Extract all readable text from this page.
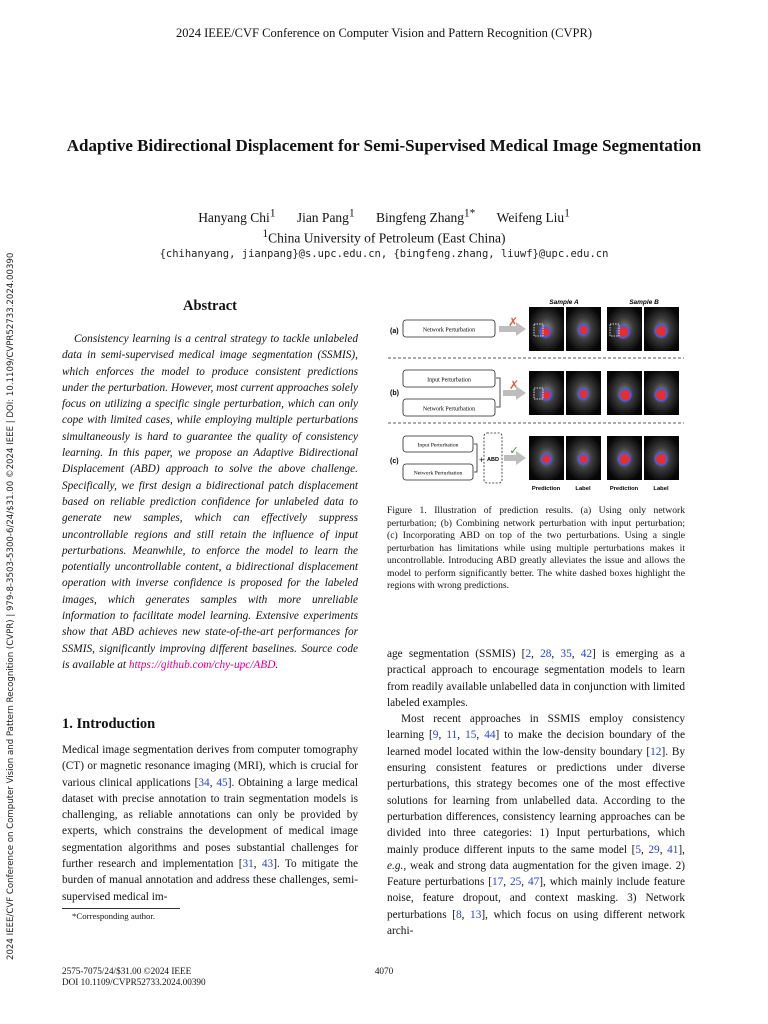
2024 IEEE/CVF Conference on Computer Vision and Pattern Recognition (CVPR)
Adaptive Bidirectional Displacement for Semi-Supervised Medical Image Segmentation
Hanyang Chi$^1$ Jian Pang$^1$ Bingfeng Zhang$^{1*}$ Weifeng Liu$^1$
$^1$China University of Petroleum (East China)
{chihanyang, jianpang}@s.upc.edu.cn, {bingfeng.zhang, liuwf}@upc.edu.cn
2024 IEEE/CVF Conference on Computer Vision and Pattern Recognition (CVPR) | 979-8-3503-5300-6/24/$31.00 ©2024 IEEE | DOI: 10.1109/CVPR52733.2024.00390	Abstract
Consistency learning is a central strategy to tackle unlabeled data in semi-supervised medical image segmentation (SSMIS), which enforces the model to produce consistent predictions under the perturbation. However, most current approaches solely focus on utilizing a specific single perturbation, which can only cope with limited cases, while employing multiple perturbations simultaneously is hard to guarantee the quality of consistency learning. In this paper, we propose an Adaptive Bidirectional Displacement (ABD) approach to solve the above challenge. Specifically, we first design a bidirectional patch displacement based on reliable prediction confidence for unlabeled data to generate new samples, which can effectively suppress uncontrollable regions and still retain the influence of input perturbations. Meanwhile, to enforce the model to learn the potentially uncontrollable content, a bidirectional displacement operation with inverse confidence is proposed for the labeled images, which generates samples with more unreliable information to facilitate model learning. Extensive experiments show that ABD achieves new state-of-the-art performances for SSMIS, significantly improving different baselines. Source code is available at https://github.com/chy-upc/ABD.
1. Introduction
Medical image segmentation derives from computer tomography (CT) or magnetic resonance imaging (MRI), which is crucial for various clinical applications [34, 45]. Obtaining a large medical dataset with precise annotation to train segmentation models is challenging, as reliable annotations can only be provided by experts, which constrains the development of medical image segmentation algorithms and poses substantial challenges for further research and implementation [31, 43]. To mitigate the burden of manual annotation and address these challenges, semi-supervised medical im-
*Corresponding author.
2575-7075/24/$31.00 ©2024 IEEE
DOI 10.1109/CVPR52733.2024.00390
4070
Sample A	Sample B
(a)	Network Perturbation
✗
(b)
Input Perturbation
Network Perturbation
✗
(c)
Input Perturbation
Network Perturbation
+ ABD
✓
Prediction	Label	Prediction	Label
Figure 1. Illustration of prediction results. (a) Using only network perturbation; (b) Combining network perturbation with input perturbation; (c) Incorporating ABD on top of the two perturbations. Using a single perturbation has limitations while using multiple perturbations makes it uncontrollable. Introducing ABD greatly alleviates the issue and allows the model to perform significantly better. The white dashed boxes highlight the regions with wrong predictions.

age segmentation (SSMIS) [2, 28, 35, 42] is emerging as a practical approach to encourage segmentation models to learn from readily available unlabelled data in conjunction with limited labeled examples.

Most recent approaches in SSMIS employ consistency learning [9, 11, 15, 44] to make the decision boundary of the learned model located within the low-density boundary [12]. By ensuring consistent features or predictions under diverse perturbations, this strategy becomes one of the most effective solutions for learning from unlabelled data. According to the perturbation differences, consistency learning approaches can be divided into three categories: 1) Input perturbations, which mainly produce different inputs to the same model [5, 29, 41], e.g., weak and strong data augmentation for the given image. 2) Feature perturbations [17, 25, 47], which mainly include feature noise, feature dropout, and context masking. 3) Network perturbations [8, 13], which focus on using different network archi-
